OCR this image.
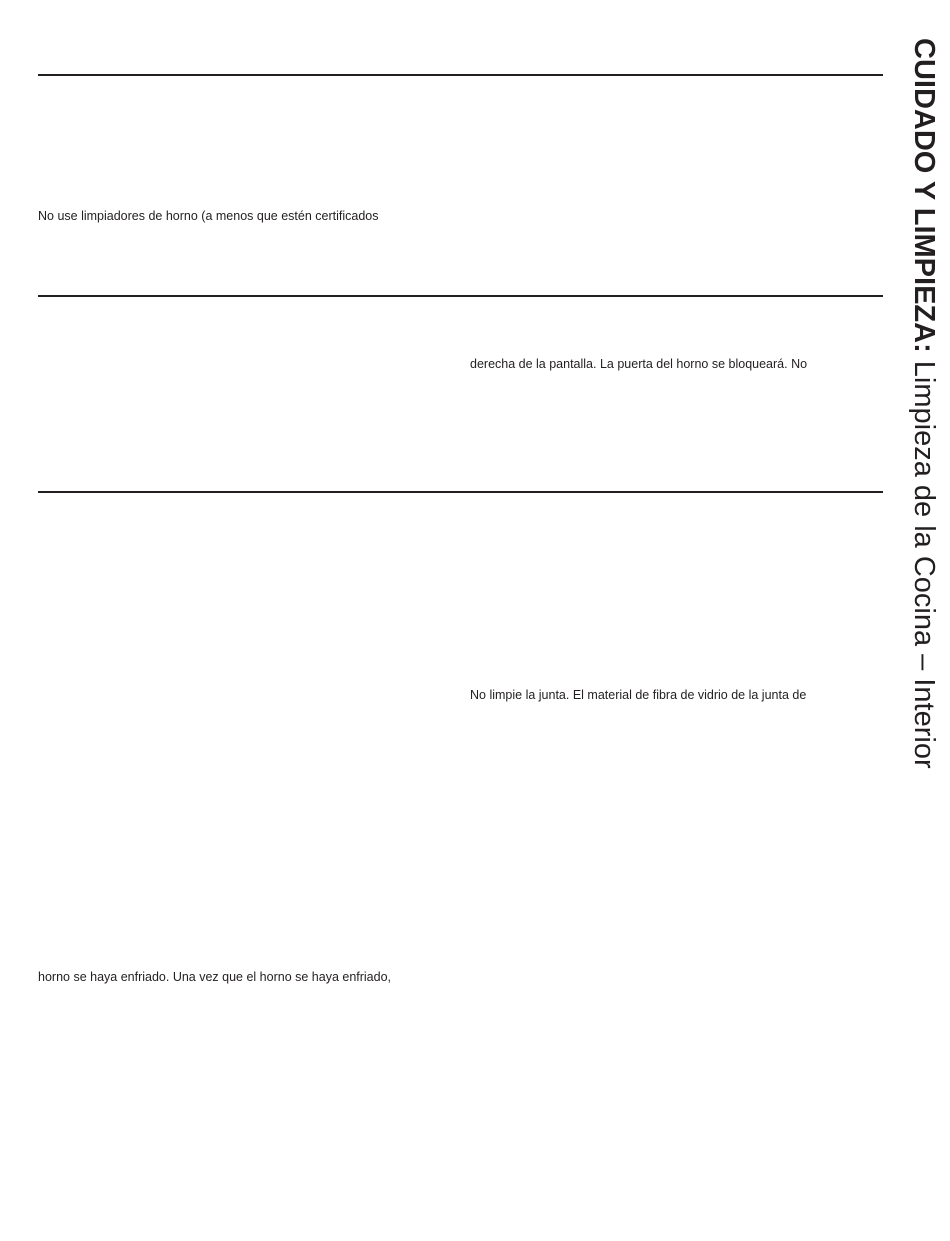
No use limpiadores de horno (a menos que estén certificados
derecha de la pantalla. La puerta del horno se bloqueará. No
No limpie la junta. El material de fibra de vidrio de la junta de
horno se haya enfriado. Una vez que el horno se haya enfriado,
CUIDADO Y LIMPIEZA: Limpieza de la Cocina – Interior
